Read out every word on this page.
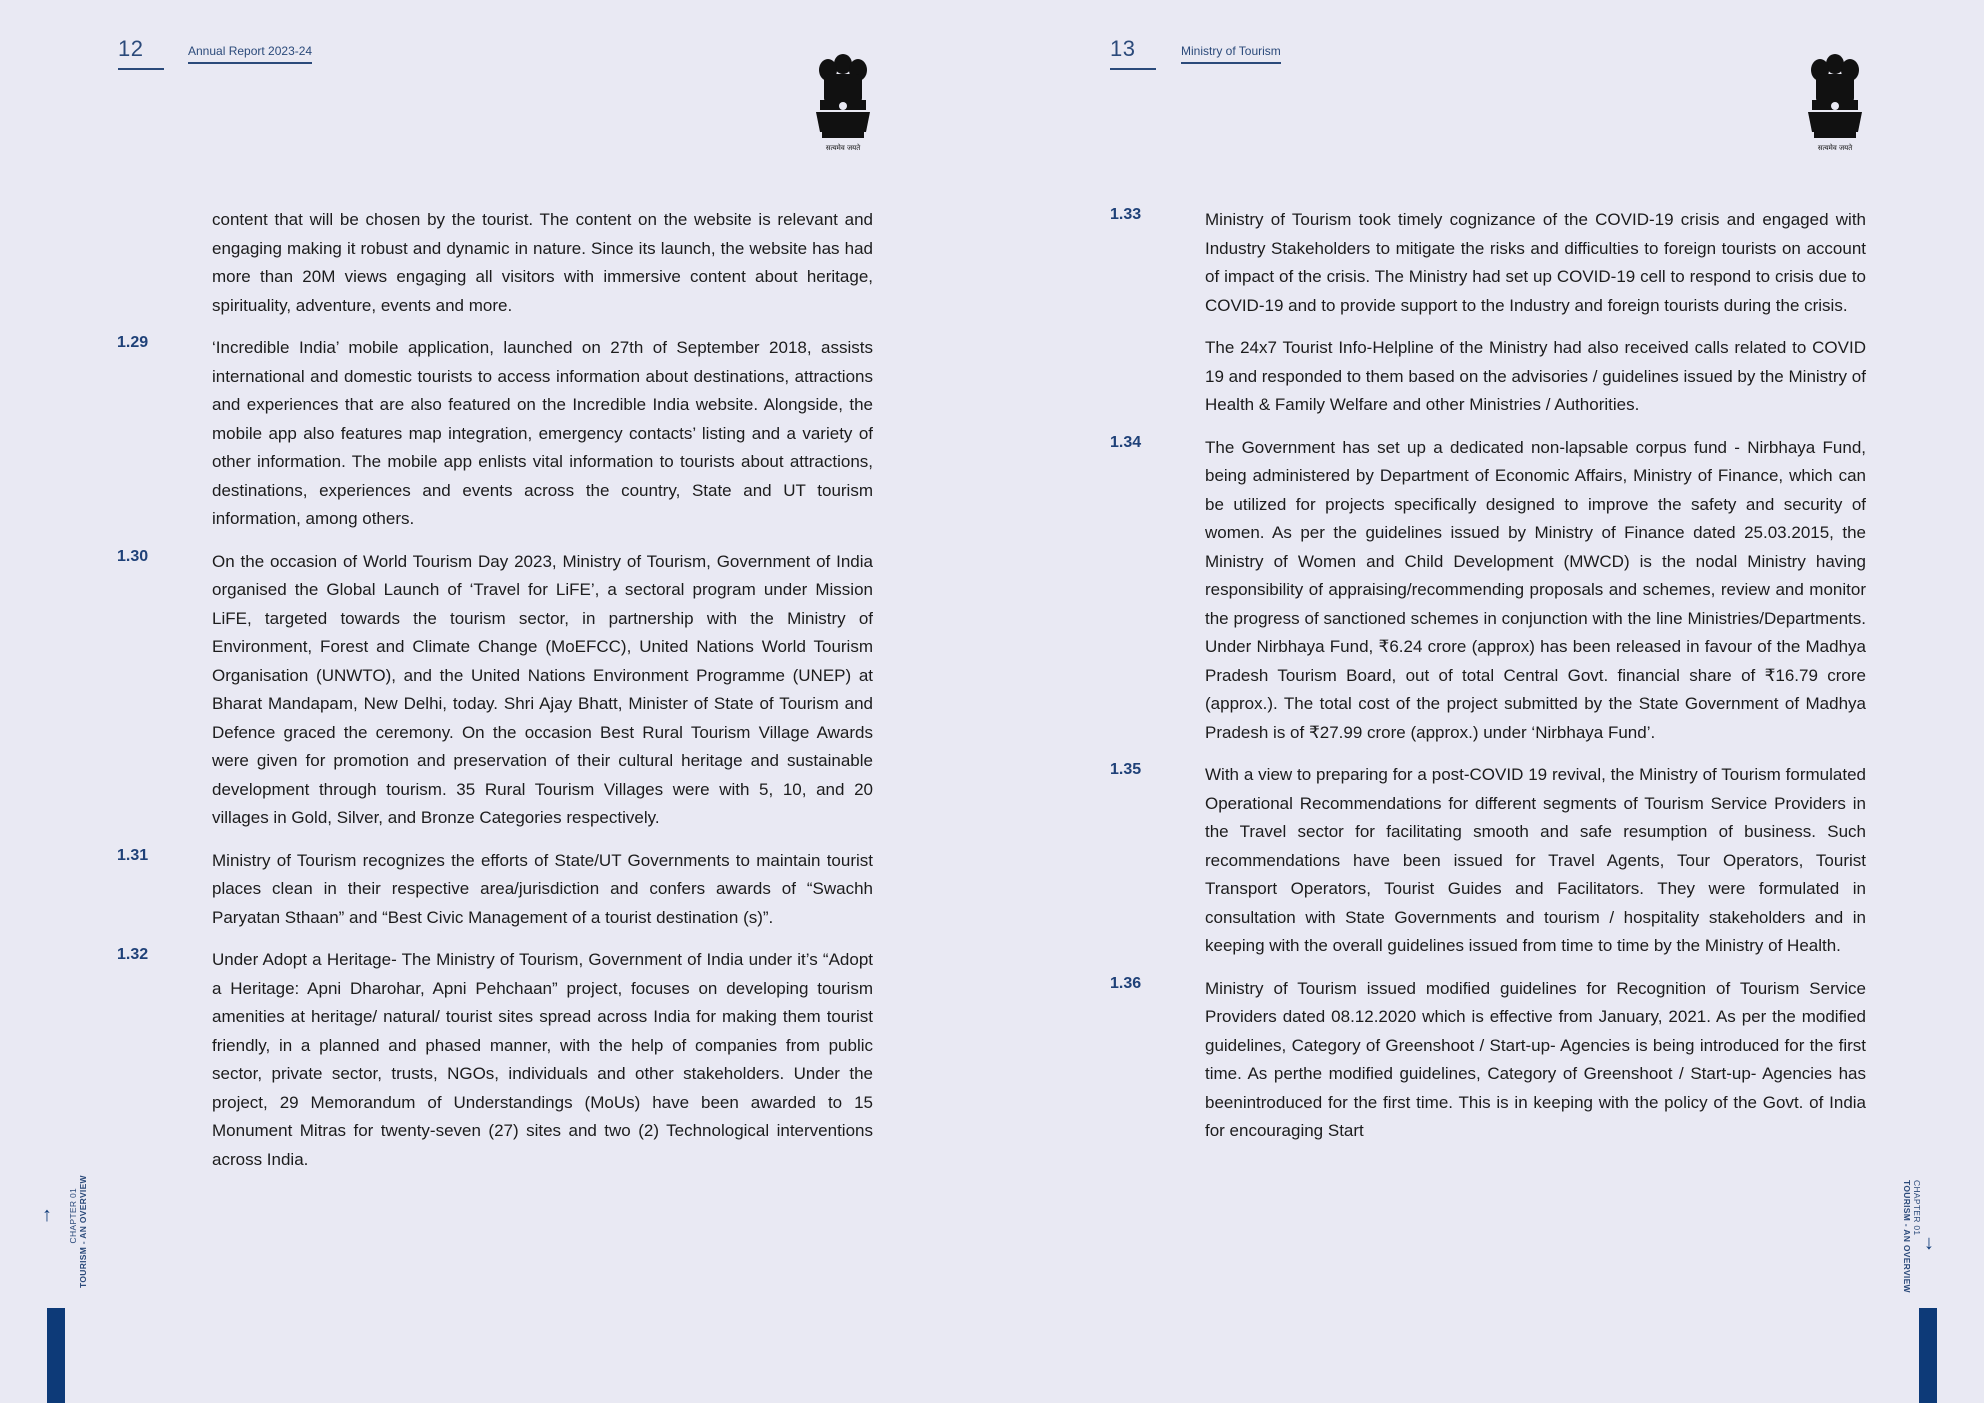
12	Annual Report 2023-24
सत्यमेव जयते

content that will be chosen by the tourist. The content on the website is relevant and engaging making it robust and dynamic in nature. Since its launch, the website has had more than 20M views engaging all visitors with immersive content about heritage, spirituality, adventure, events and more.

1.29	‘Incredible India’ mobile application, launched on 27th of September 2018, assists international and domestic tourists to access information about destinations, attractions and experiences that are also featured on the Incredible India website. Alongside, the mobile app also features map integration, emergency contacts’ listing and a variety of other information. The mobile app enlists vital information to tourists about attractions, destinations, experiences and events across the country, State and UT tourism information, among others.

1.30	On the occasion of World Tourism Day 2023, Ministry of Tourism, Government of India organised the Global Launch of ‘Travel for LiFE’, a sectoral program under Mission LiFE, targeted towards the tourism sector, in partnership with the Ministry of Environment, Forest and Climate Change (MoEFCC), United Nations World Tourism Organisation (UNWTO), and the United Nations Environment Programme (UNEP) at Bharat Mandapam, New Delhi, today. Shri Ajay Bhatt, Minister of State of Tourism and Defence graced the ceremony. On the occasion Best Rural Tourism Village Awards were given for promotion and preservation of their cultural heritage and sustainable development through tourism. 35 Rural Tourism Villages were with 5, 10, and 20 villages in Gold, Silver, and Bronze Categories respectively.

1.31	Ministry of Tourism recognizes the efforts of State/UT Governments to maintain tourist places clean in their respective area/jurisdiction and confers awards of “Swachh Paryatan Sthaan” and “Best Civic Management of a tourist destination (s)”.

1.32	Under Adopt a Heritage- The Ministry of Tourism, Government of India under it’s “Adopt a Heritage: Apni Dharohar, Apni Pehchaan” project, focuses on developing tourism amenities at heritage/ natural/ tourist sites spread across India for making them tourist friendly, in a planned and phased manner, with the help of companies from public sector, private sector, trusts, NGOs, individuals and other stakeholders. Under the project, 29 Memorandum of Understandings (MoUs) have been awarded to 15 Monument Mitras for twenty-seven (27) sites and two (2) Technological interventions across India.

↑ CHAPTER 01
TOURISM - AN OVERVIEW
13	Ministry of Tourism
सत्यमेव जयते
1.33	Ministry of Tourism took timely cognizance of the COVID-19 crisis and engaged with Industry Stakeholders to mitigate the risks and difficulties to foreign tourists on account of impact of the crisis. The Ministry had set up COVID-19 cell to respond to crisis due to COVID-19 and to provide support to the Industry and foreign tourists during the crisis.

The 24x7 Tourist Info-Helpline of the Ministry had also received calls related to COVID 19 and responded to them based on the advisories / guidelines issued by the Ministry of Health & Family Welfare and other Ministries / Authorities.

1.34	The Government has set up a dedicated non-lapsable corpus fund - Nirbhaya Fund, being administered by Department of Economic Affairs, Ministry of Finance, which can be utilized for projects specifically designed to improve the safety and security of women. As per the guidelines issued by Ministry of Finance dated 25.03.2015, the Ministry of Women and Child Development (MWCD) is the nodal Ministry having responsibility of appraising/recommending proposals and schemes, review and monitor the progress of sanctioned schemes in conjunction with the line Ministries/Departments. Under Nirbhaya Fund, ₹6.24 crore (approx) has been released in favour of the Madhya Pradesh Tourism Board, out of total Central Govt. financial share of ₹16.79 crore (approx.). The total cost of the project submitted by the State Government of Madhya Pradesh is of ₹27.99 crore (approx.) under ‘Nirbhaya Fund’.

1.35	With a view to preparing for a post-COVID 19 revival, the Ministry of Tourism formulated Operational Recommendations for different segments of Tourism Service Providers in the Travel sector for facilitating smooth and safe resumption of business. Such recommendations have been issued for Travel Agents, Tour Operators, Tourist Transport Operators, Tourist Guides and Facilitators. They were formulated in consultation with State Governments and tourism / hospitality stakeholders and in keeping with the overall guidelines issued from time to time by the Ministry of Health.

1.36	Ministry of Tourism issued modified guidelines for Recognition of Tourism Service Providers dated 08.12.2020 which is effective from January, 2021. As per the modified guidelines, Category of Greenshoot / Start-up- Agencies is being introduced for the first time. As perthe modified guidelines, Category of Greenshoot / Start-up- Agencies has beenintroduced for the first time. This is in keeping with the policy of the Govt. of India for encouraging Start

↓
CHAPTER 01
TOURISM - AN OVERVIEW
